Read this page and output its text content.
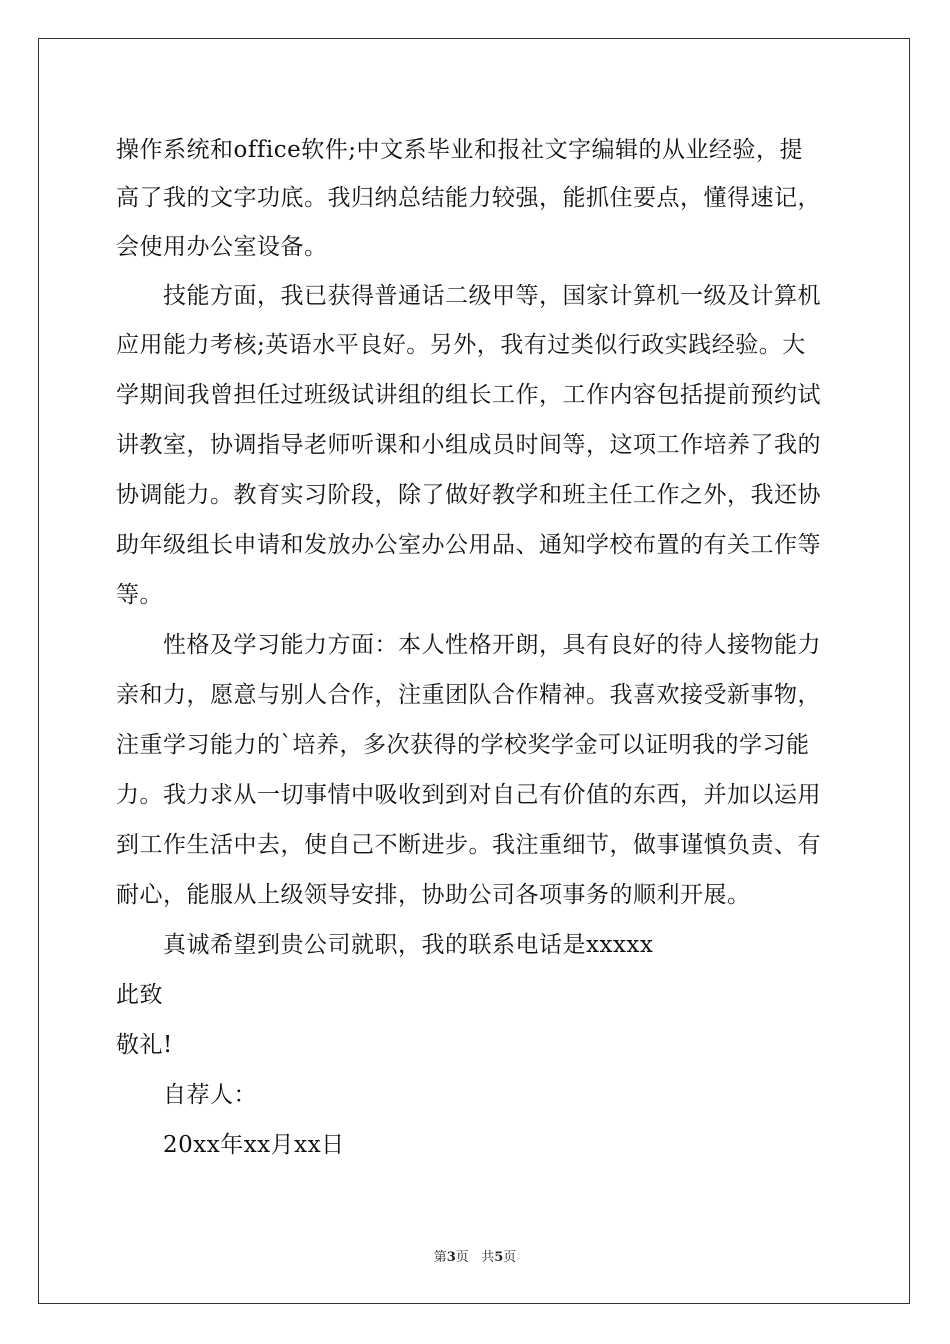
操作系统和office软件;中文系毕业和报社文字编辑的从业经验，提
高了我的文字功底。我归纳总结能力较强，能抓住要点，懂得速记，
会使用办公室设备。
技能方面，我已获得普通话二级甲等，国家计算机一级及计算机
应用能力考核;英语水平良好。另外，我有过类似行政实践经验。大
学期间我曾担任过班级试讲组的组长工作，工作内容包括提前预约试
讲教室，协调指导老师听课和小组成员时间等，这项工作培养了我的
协调能力。教育实习阶段，除了做好教学和班主任工作之外，我还协
助年级组长申请和发放办公室办公用品、通知学校布置的有关工作等
等。
性格及学习能力方面：本人性格开朗，具有良好的待人接物能力
亲和力，愿意与别人合作，注重团队合作精神。我喜欢接受新事物，
注重学习能力的`培养，多次获得的学校奖学金可以证明我的学习能
力。我力求从一切事情中吸收到到对自己有价值的东西，并加以运用
到工作生活中去，使自己不断进步。我注重细节，做事谨慎负责、有
耐心，能服从上级领导安排，协助公司各项事务的顺利开展。
真诚希望到贵公司就职，我的联系电话是xxxxx
此致
敬礼!
自荐人：
20xx年xx月xx日
第3页   共5页
